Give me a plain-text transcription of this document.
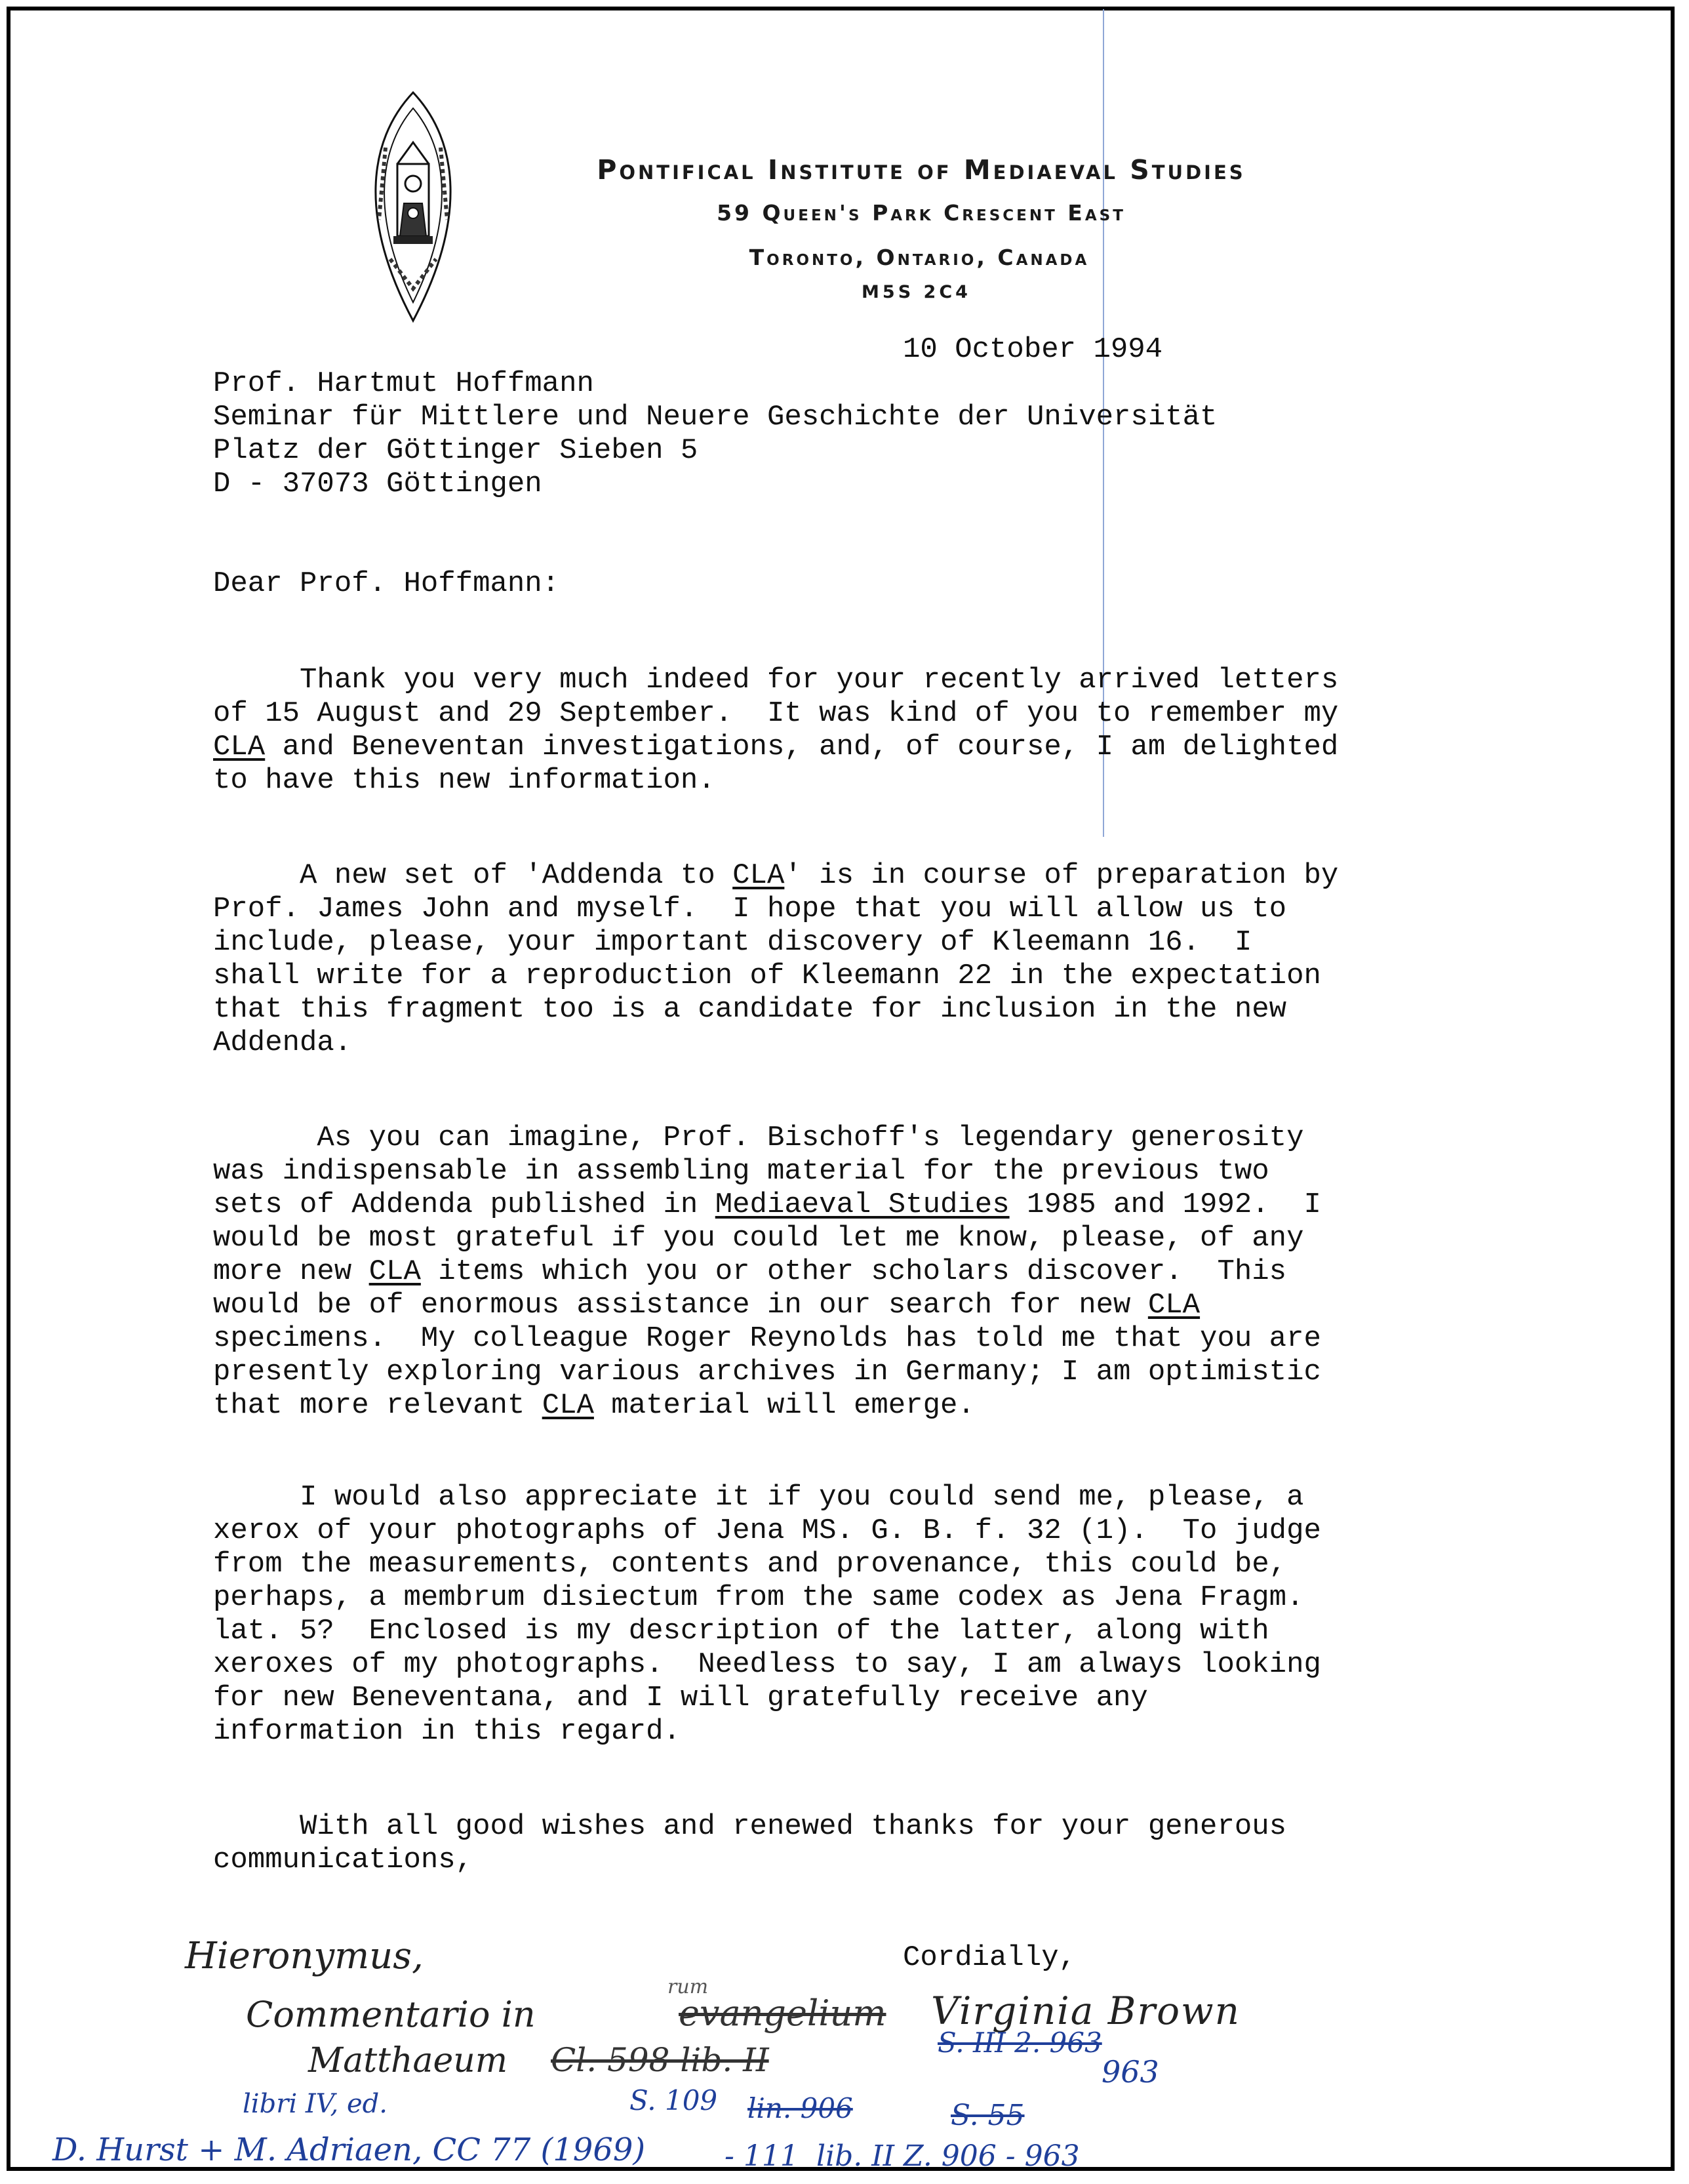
Pontifical Institute of Mediaeval Studies
59 Queen's Park Crescent East
Toronto, Ontario, Canada
M5S 2C4
10 October 1994
Prof. Hartmut Hoffmann
Seminar für Mittlere und Neuere Geschichte der Universität
Platz der Göttinger Sieben 5
D - 37073 Göttingen
Dear Prof. Hoffmann:
Thank you very much indeed for your recently arrived letters
of 15 August and 29 September.  It was kind of you to remember my
CLA and Beneventan investigations, and, of course, I am delighted
to have this new information.
A new set of 'Addenda to CLA' is in course of preparation by
Prof. James John and myself.  I hope that you will allow us to
include, please, your important discovery of Kleemann 16.  I
shall write for a reproduction of Kleemann 22 in the expectation
that this fragment too is a candidate for inclusion in the new
Addenda.
As you can imagine, Prof. Bischoff's legendary generosity
was indispensable in assembling material for the previous two
sets of Addenda published in Mediaeval Studies 1985 and 1992.  I
would be most grateful if you could let me know, please, of any
more new CLA items which you or other scholars discover.  This
would be of enormous assistance in our search for new CLA
specimens.  My colleague Roger Reynolds has told me that you are
presently exploring various archives in Germany; I am optimistic
that more relevant CLA material will emerge.
I would also appreciate it if you could send me, please, a
xerox of your photographs of Jena MS. G. B. f. 32 (1).  To judge
from the measurements, contents and provenance, this could be,
perhaps, a membrum disiectum from the same codex as Jena Fragm.
lat. 5?  Enclosed is my description of the latter, along with
xeroxes of my photographs.  Needless to say, I am always looking
for new Beneventana, and I will gratefully receive any
information in this regard.
With all good wishes and renewed thanks for your generous
communications,
Cordially,
Virginia Brown
Hieronymus,
Commentario in
rum
evangelium
Matthaeum Cl. 598 lib. II	S. III 2. 963
libri IV, ed.	S. 109 lin. 906	S. 55
963
D. Hurst + M. Adriaen, CC 77 (1969)	- 111 lib. II Z. 906 - 963
